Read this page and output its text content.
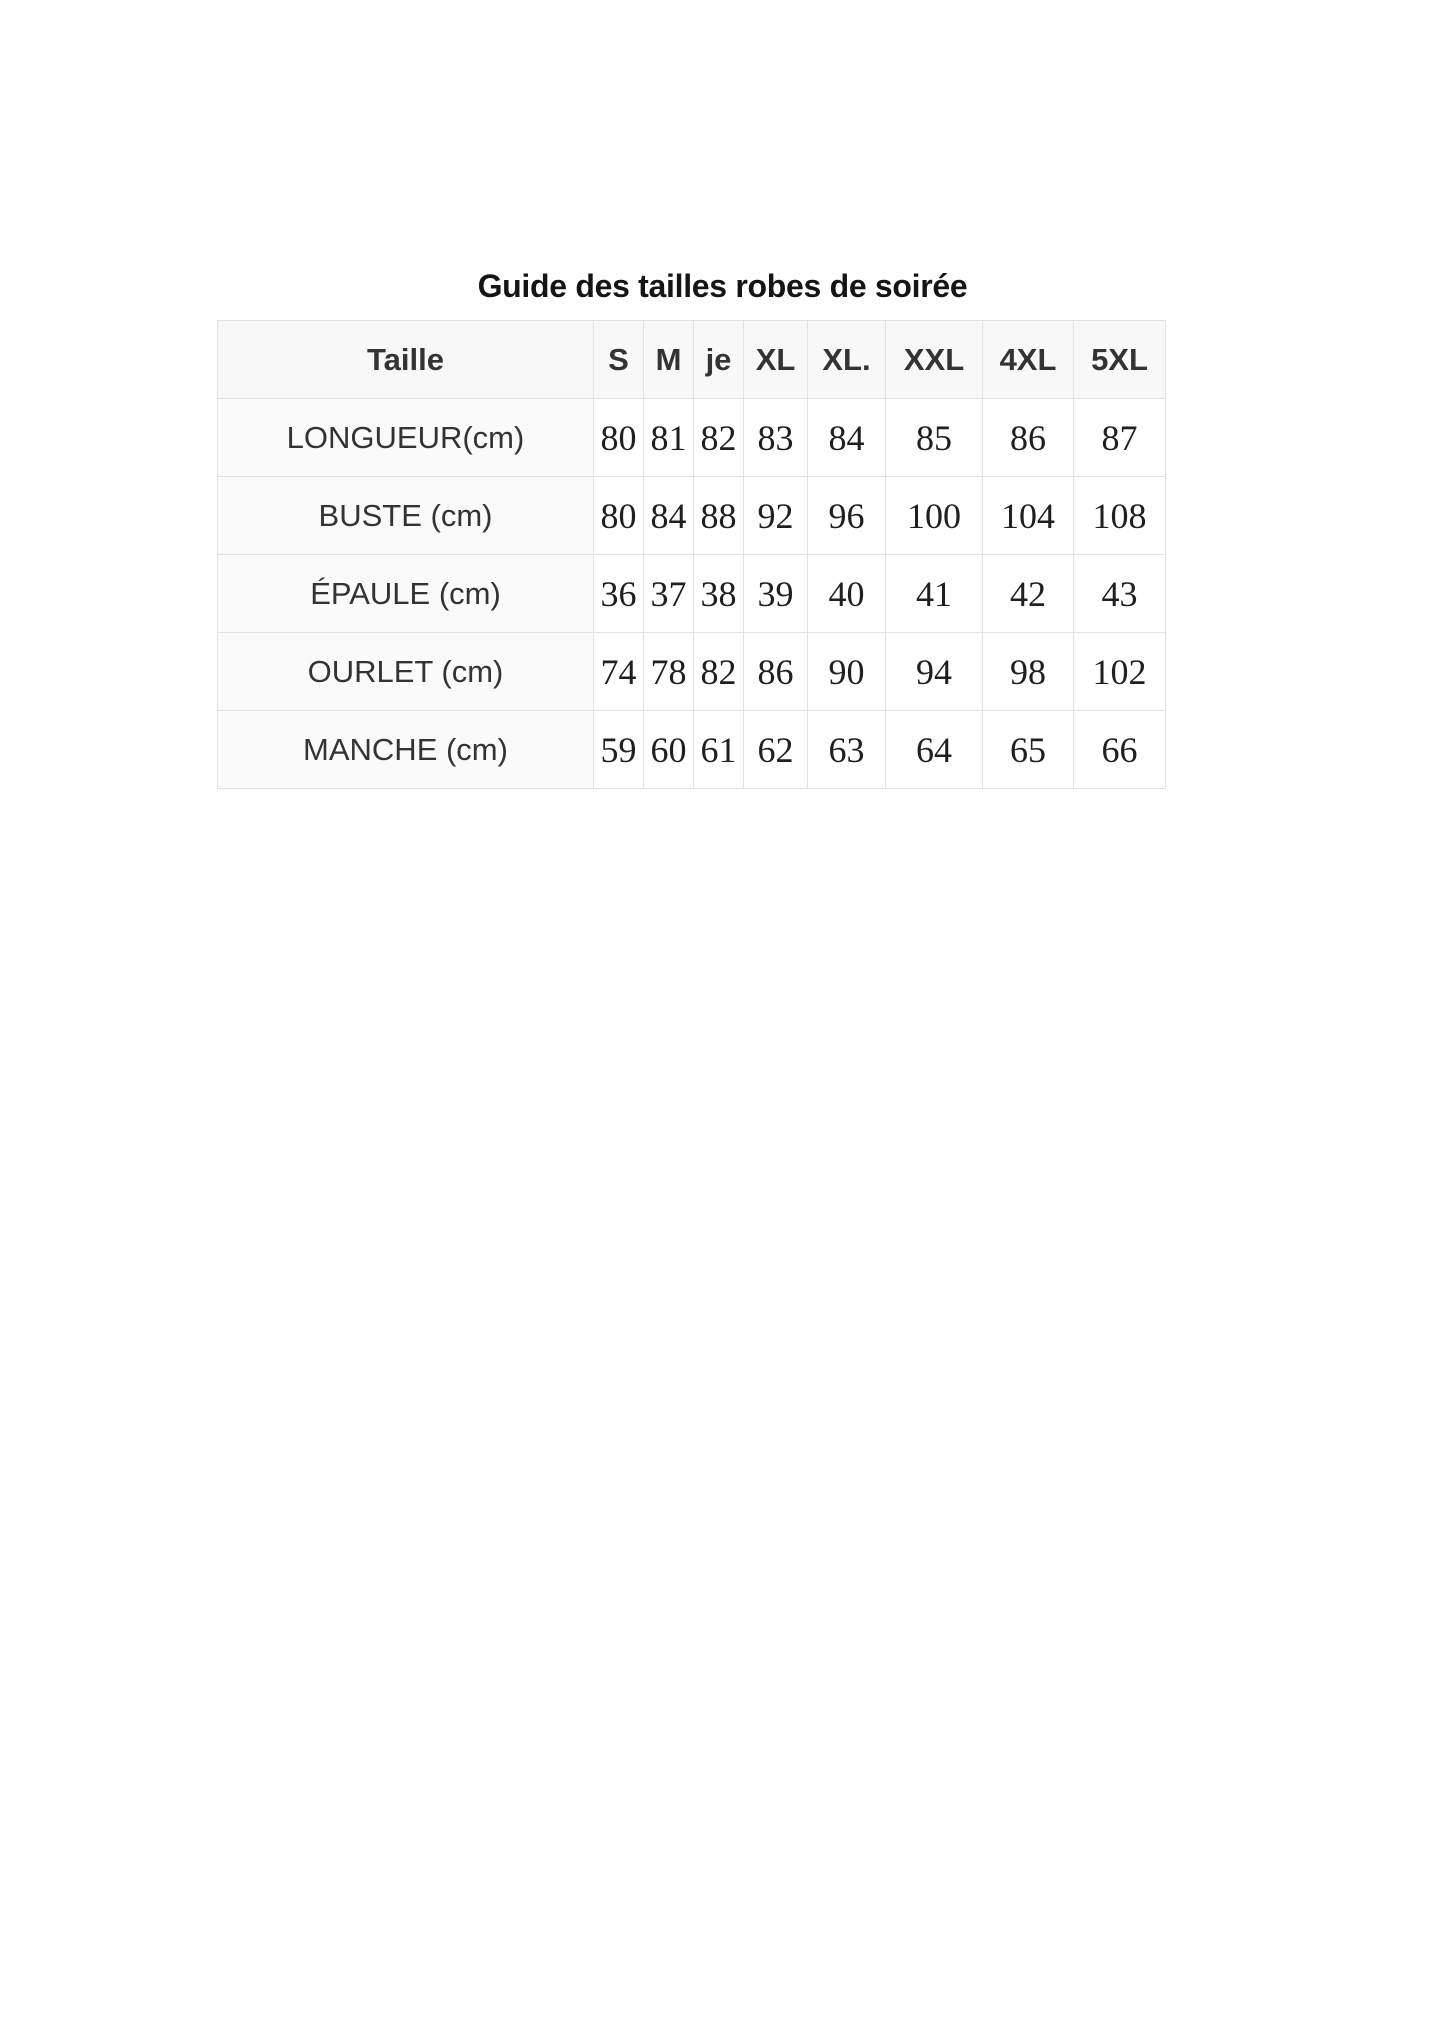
Guide des tailles robes de soirée
Taille	S	M	je	XL	XL.	XXL	4XL	5XL
LONGUEUR(cm)	80	81	82	83	84	85	86	87
BUSTE (cm)	80	84	88	92	96	100	104	108
ÉPAULE (cm)	36	37	38	39	40	41	42	43
OURLET (cm)	74	78	82	86	90	94	98	102
MANCHE (cm)	59	60	61	62	63	64	65	66
